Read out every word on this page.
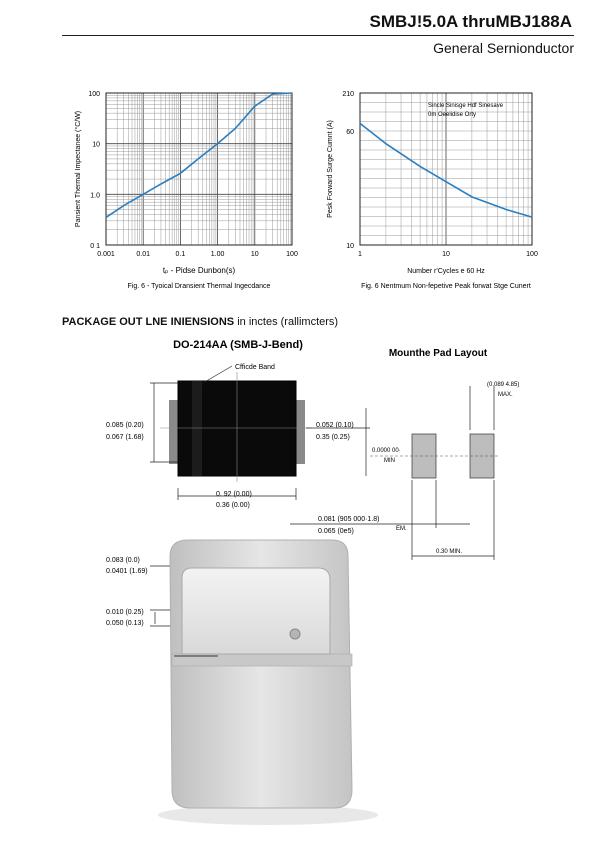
SMBJ!5.0A thruMBJ188A
General Sernionductor
0.001	0.01	0.1	1.00	10	100
0 1
1.0
10
100
Pansient Thermal Impectanee (°C/W)
tₚ - Pidse Dunbon(s)
Fig. 6 - Tyoical Dransient Thermal Ingecdance
1	10	100
10
60
210
Sincle Sinisge Hdf Sinesave
0m Oeelidise Orty
Pesk Forward Surge Cumnt (A)
Number r'Cycles e 60 Hz
Fig. 6 Nentmum Non-fepetive Peak forwat Stge Cunert
PACKAGE OUT LNE INIENSIONS in inctes (rallimcters)
DO-214AA (SMB-J-Bend)
Mounthe Pad Layout
Cfficde Band
0.085 (0.20)
0.067 (1.68)
0.052 (0.10)
0.35 (0.25)
0. 92 (0.00)
0.36 (0.00)
(0.089 4.85)
MAX.
0.0000 00·
MIN
0.081 (905 000·1.8)
0.065 (0e5)	EM.
0.30 MIN.
0.083 (0.0)
0.0401 (1.69)
0.010 (0.25)
0.050 (0.13)
